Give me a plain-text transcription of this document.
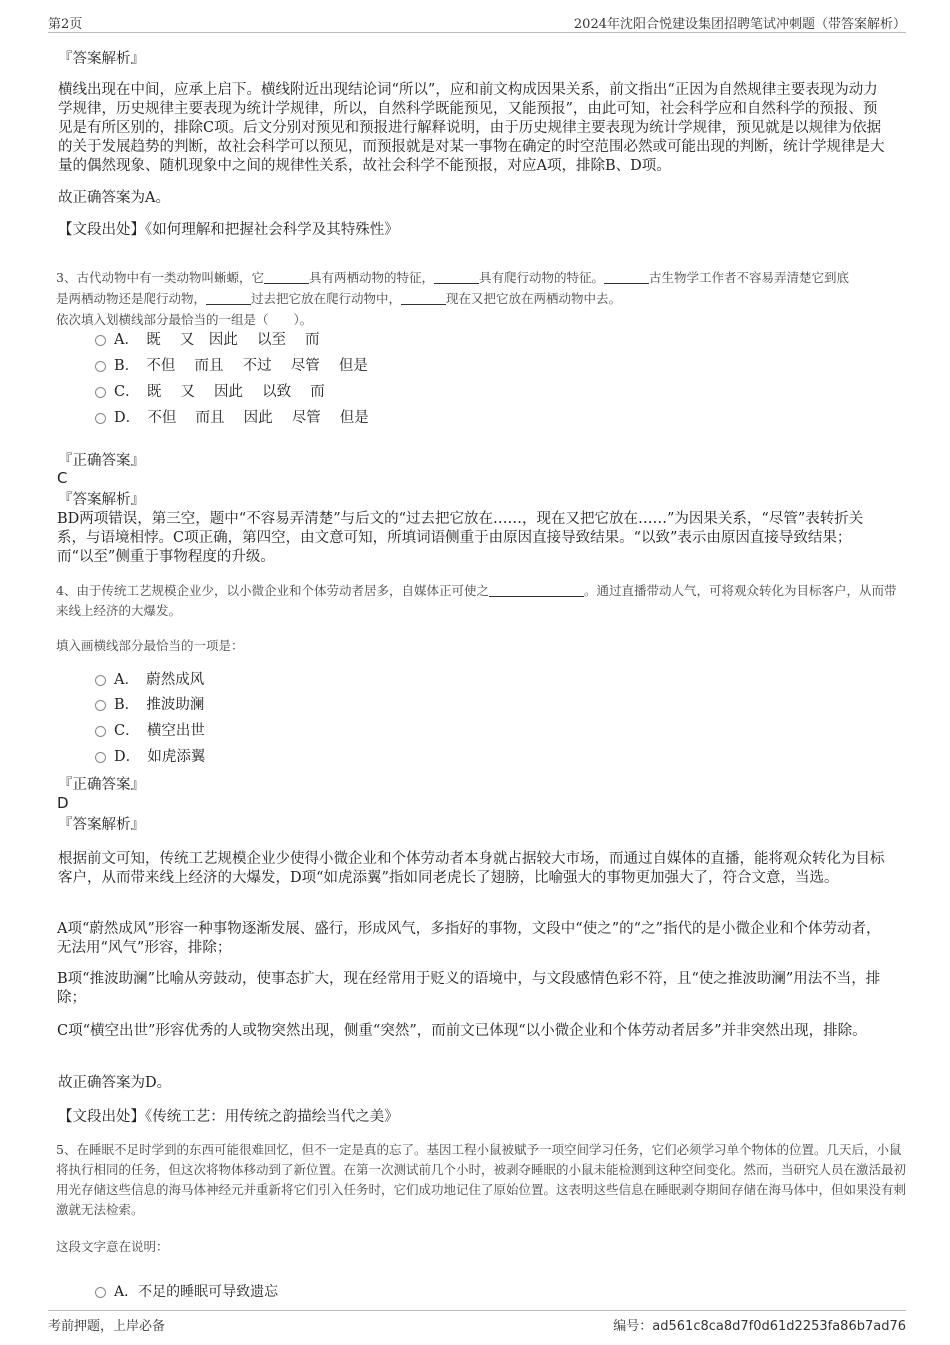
第2页	2024年沈阳合悦建设集团招聘笔试冲刺题（带答案解析）
『答案解析』
横线出现在中间，应承上启下。横线附近出现结论词“所以”，应和前文构成因果关系，前文指出“正因为自然规律主要表现为动力学规律，历史规律主要表现为统计学规律，所以，自然科学既能预见，又能预报”，由此可知，社会科学应和自然科学的预报、预见是有所区别的，排除C项。后文分别对预见和预报进行解释说明，由于历史规律主要表现为统计学规律，预见就是以规律为依据的关于发展趋势的判断，故社会科学可以预见，而预报就是对某一事物在确定的时空范围必然或可能出现的判断，统计学规律是大量的偶然现象、随机现象中之间的规律性关系，故社会科学不能预报，对应A项，排除B、D项。
故正确答案为A。
【文段出处】《如何理解和把握社会科学及其特殊性》
3、古代动物中有一类动物叫蜥螈，它	具有两栖动物的特征，	具有爬行动物的特征。	古生物学工作者不容易弄清楚它到底
是两栖动物还是爬行动物，	过去把它放在爬行动物中，	现在又把它放在两栖动物中去。
依次填入划横线部分最恰当的一组是（　　）。
A．　既　 又　因此　 以至　 而
B．　不但　 而且　 不过　 尽管　 但是
C．　既　 又　 因此　 以致　 而
D．　不但　 而且　 因此　 尽管　 但是
『正确答案』
C
『答案解析』
BD两项错误，第三空，题中“不容易弄清楚”与后文的“过去把它放在……，现在又把它放在……”为因果关系，“尽管”表转折关系，与语境相悖。C项正确，第四空，由文意可知，所填词语侧重于由原因直接导致结果。“以致”表示由原因直接导致结果；而“以至”侧重于事物程度的升级。
4、由于传统工艺规模企业少，以小微企业和个体劳动者居多，自媒体正可使之	。通过直播带动人气，可将观众转化为目标客户，从而带来线上经济的大爆发。
填入画横线部分最恰当的一项是：
A．　蔚然成风
B．　推波助澜
C．　横空出世
D．　如虎添翼
『正确答案』
D
『答案解析』
根据前文可知，传统工艺规模企业少使得小微企业和个体劳动者本身就占据较大市场，而通过自媒体的直播，能将观众转化为目标客户，从而带来线上经济的大爆发，D项“如虎添翼”指如同老虎长了翅膀，比喻强大的事物更加强大了，符合文意，当选。
A项“蔚然成风”形容一种事物逐渐发展、盛行，形成风气，多指好的事物，文段中“使之”的“之”指代的是小微企业和个体劳动者，无法用“风气”形容，排除；
B项“推波助澜”比喻从旁鼓动，使事态扩大，现在经常用于贬义的语境中，与文段感情色彩不符，且“使之推波助澜”用法不当，排除；
C项“横空出世”形容优秀的人或物突然出现，侧重“突然”，而前文已体现“以小微企业和个体劳动者居多”并非突然出现，排除。
故正确答案为D。
【文段出处】《传统工艺：用传统之韵描绘当代之美》
5、在睡眠不足时学到的东西可能很难回忆，但不一定是真的忘了。基因工程小鼠被赋予一项空间学习任务，它们必须学习单个物体的位置。几天后，小鼠将执行相同的任务，但这次将物体移动到了新位置。在第一次测试前几个小时，被剥夺睡眠的小鼠未能检测到这种空间变化。然而，当研究人员在激活最初用光存储这些信息的海马体神经元并重新将它们引入任务时，它们成功地记住了原始位置。这表明这些信息在睡眠剥夺期间存储在海马体中，但如果没有刺激就无法检索。
这段文字意在说明：
A．不足的睡眠可导致遗忘
考前押题，上岸必备	编号：ad561c8ca8d7f0d61d2253fa86b7ad76
